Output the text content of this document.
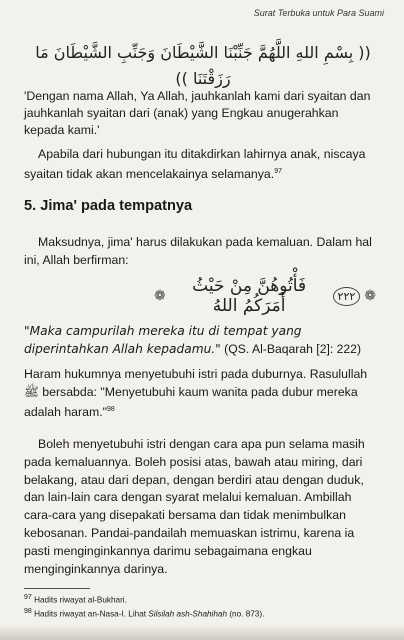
Surat Terbuka untuk Para Suami
(( بِسْمِ اللهِ اللَّهُمَّ جَنِّبْنَا الشَّيْطَانَ وَجَنِّبِ الشَّيْطَانَ مَا رَزَقْتَنَا ))
'Dengan nama Allah, Ya Allah, jauhkanlah kami dari syaitan dan jauhkanlah syaitan dari (anak) yang Engkau anugerahkan kepada kami.'
Apabila dari hubungan itu ditakdirkan lahirnya anak, niscaya syaitan tidak akan mencelakainya selamanya.$^{97}$
5. Jima' pada tempatnya
Maksudnya, jima' harus dilakukan pada kemaluan. Dalam hal ini, Allah berfirman:
❁	فَأْتُوهُنَّ مِنْ حَيْثُ أَمَرَكُمُ اللهُ	٢٢٢ ❁
"Maka campurilah mereka itu di tempat yang diperintahkan Allah kepadamu." (QS. Al-Baqarah [2]: 222)
Haram hukumnya menyetubuhi istri pada duburnya. Rasulullah ﷺ bersabda: "Menyetubuhi kaum wanita pada dubur mereka adalah haram."$^{98}$
Boleh menyetubuhi istri dengan cara apa pun selama masih pada kemaluannya. Boleh posisi atas, bawah atau miring, dari belakang, atau dari depan, dengan berdiri atau dengan duduk, dan lain-lain cara dengan syarat melalui kemaluan. Ambillah cara-cara yang disepakati bersama dan tidak menimbulkan kebosanan. Pandai-pandailah memuaskan istrimu, karena ia pasti menginginkannya darimu sebagaimana engkau menginginkannya darinya.
$^{97}$ Hadits riwayat al-Bukhari.
$^{98}$ Hadits riwayat an-Nasa-I. Lihat Silsilah ash-Shahihah (no. 873).
